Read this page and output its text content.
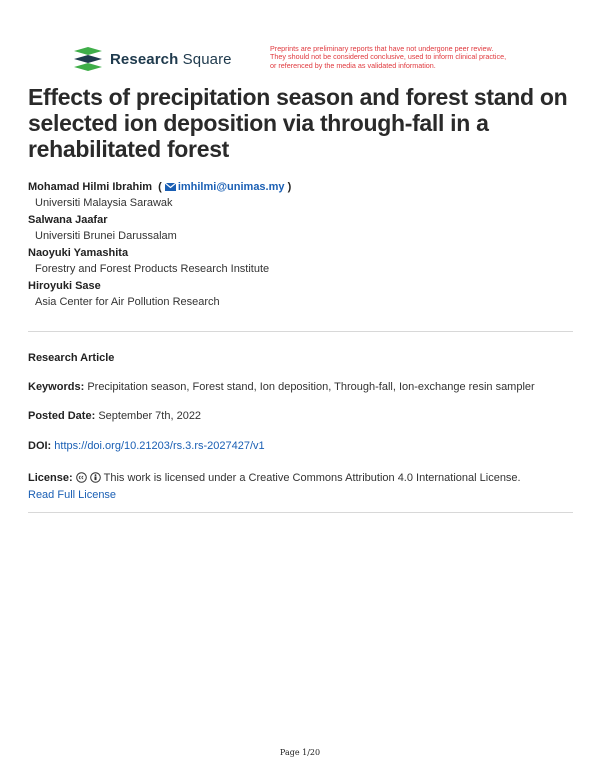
Research Square
Preprints are preliminary reports that have not undergone peer review.
They should not be considered conclusive, used to inform clinical practice,
or referenced by the media as validated information.
Effects of precipitation season and forest stand on selected ion deposition via through-fall in a rehabilitated forest
Mohamad Hilmi Ibrahim ( imhilmi@unimas.my )
Universiti Malaysia Sarawak
Salwana Jaafar
Universiti Brunei Darussalam
Naoyuki Yamashita
Forestry and Forest Products Research Institute
Hiroyuki Sase
Asia Center for Air Pollution Research
Research Article
Keywords: Precipitation season, Forest stand, Ion deposition, Through-fall, Ion-exchange resin sampler
Posted Date: September 7th, 2022
DOI: https://doi.org/10.21203/rs.3.rs-2027427/v1
License:	This work is licensed under a Creative Commons Attribution 4.0 International License.
Read Full License
Page 1/20
